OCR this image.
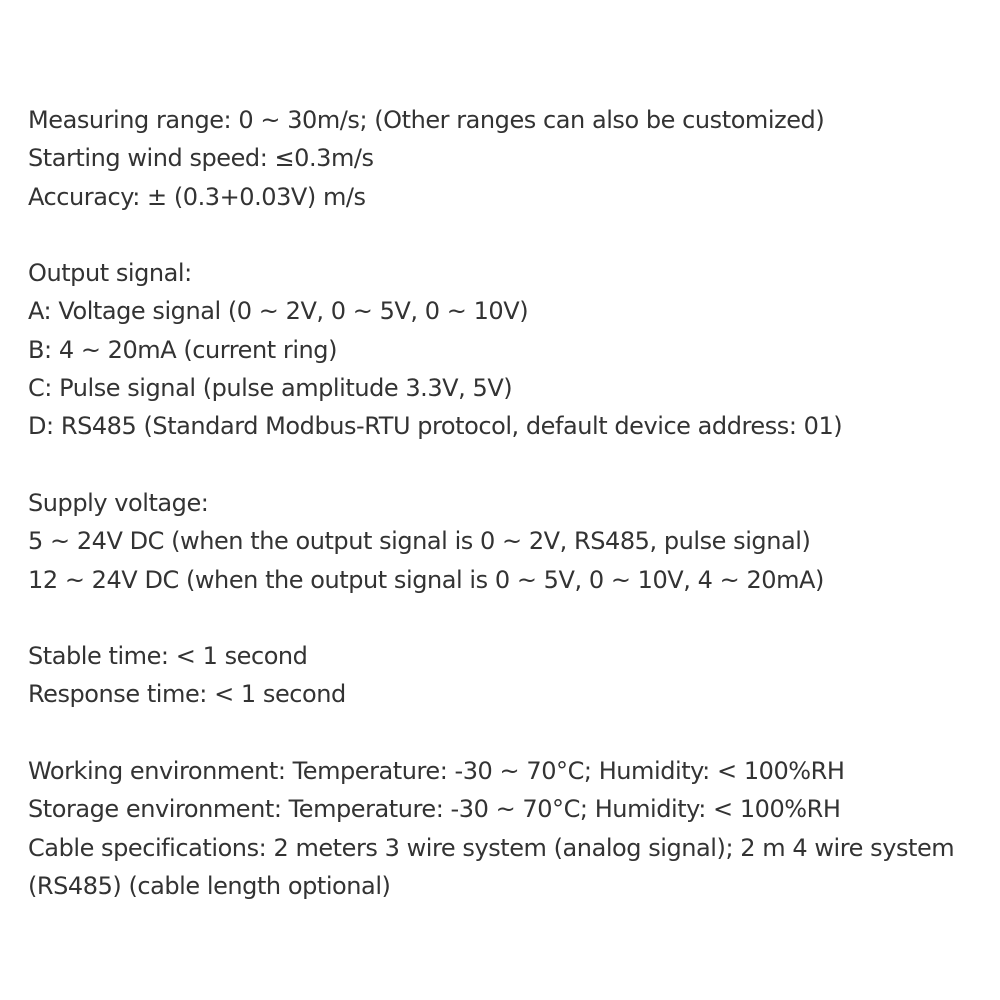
Measuring range: 0 ~ 30m/s; (Other ranges can also be customized)
Starting wind speed: ≤0.3m/s
Accuracy: ± (0.3+0.03V) m/s
Output signal:
A: Voltage signal (0 ~ 2V, 0 ~ 5V, 0 ~ 10V)
B: 4 ~ 20mA (current ring)
C: Pulse signal (pulse amplitude 3.3V, 5V)
D: RS485 (Standard Modbus-RTU protocol, default device address: 01)
Supply voltage:
5 ~ 24V DC (when the output signal is 0 ~ 2V, RS485, pulse signal)
12 ~ 24V DC (when the output signal is 0 ~ 5V, 0 ~ 10V, 4 ~ 20mA)
Stable time: < 1 second
Response time: < 1 second
Working environment: Temperature: -30 ~ 70°C; Humidity: < 100%RH
Storage environment: Temperature: -30 ~ 70°C; Humidity: < 100%RH
Cable specifications: 2 meters 3 wire system (analog signal); 2 m 4 wire system
(RS485) (cable length optional)
